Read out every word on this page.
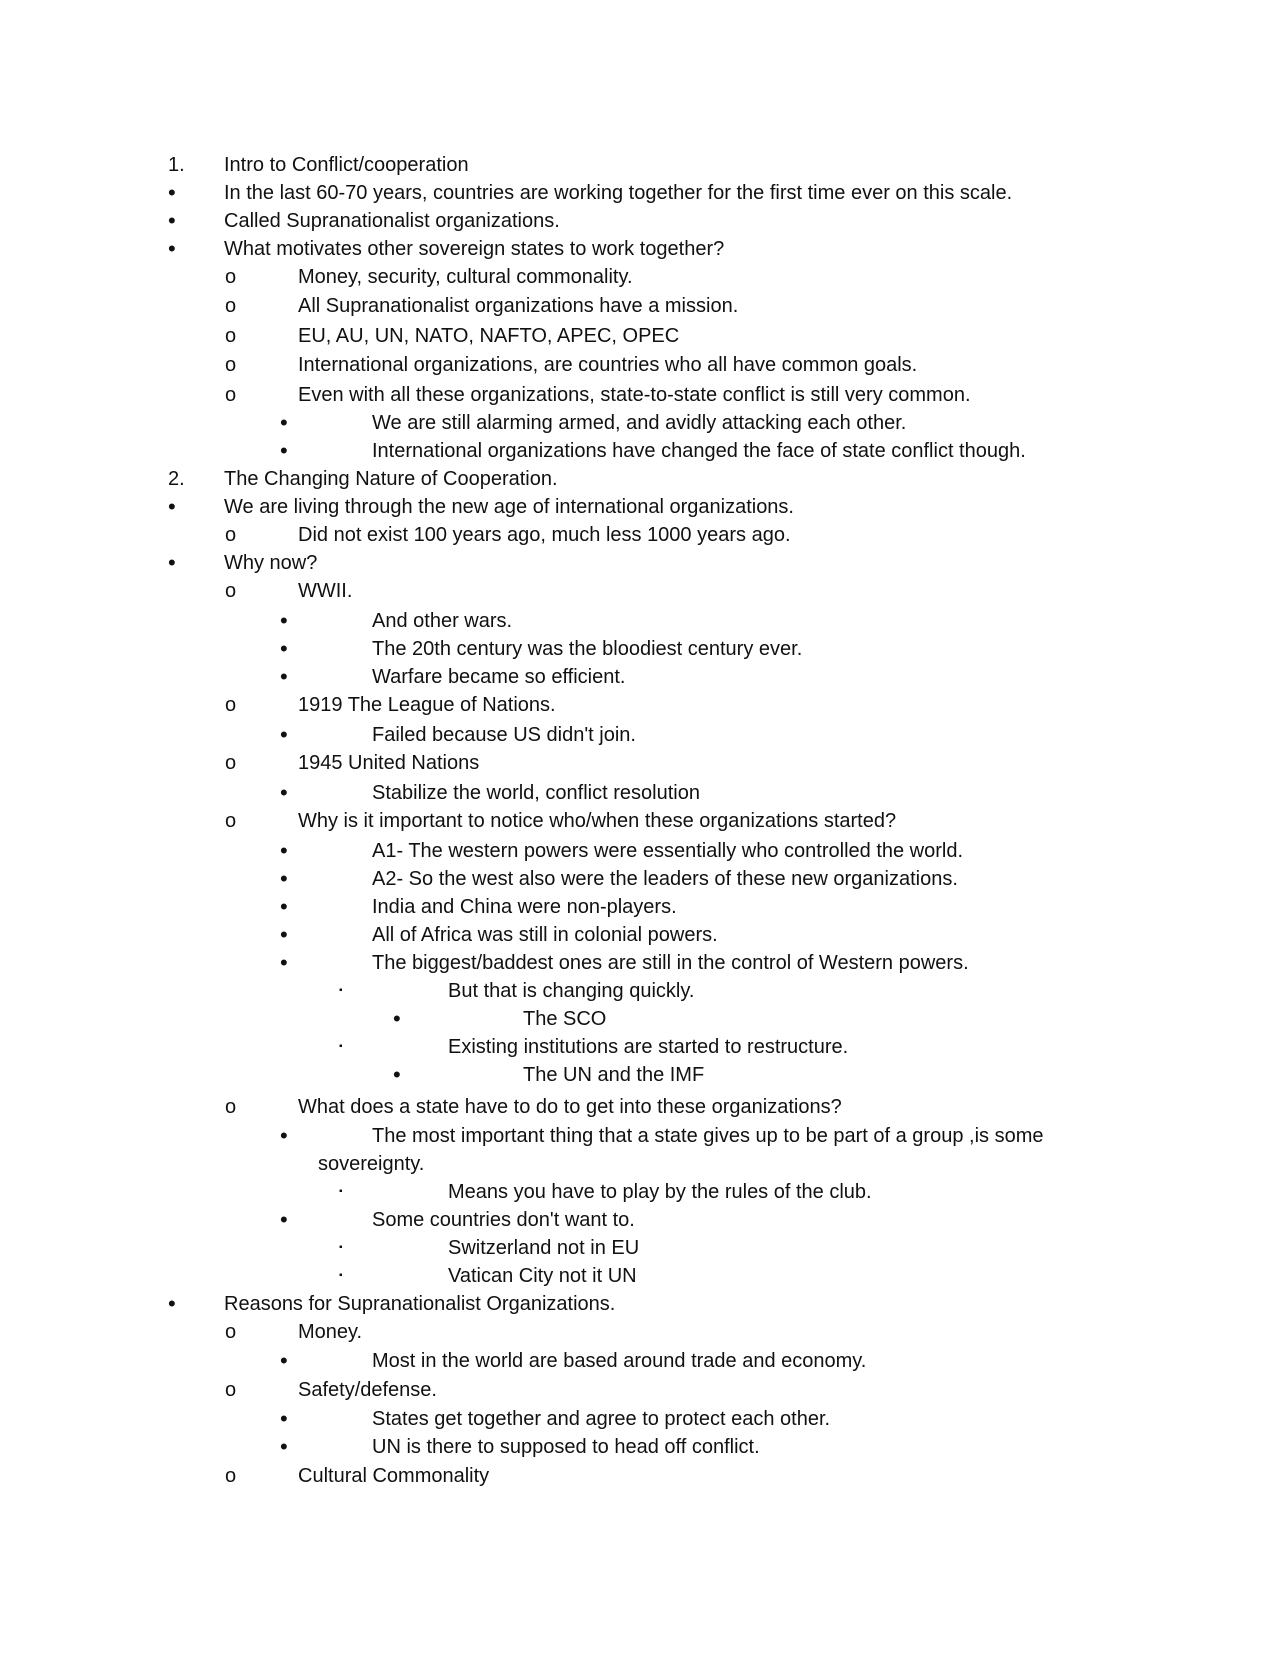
1. Intro to Conflict/cooperation
• In the last 60-70 years, countries are working together for the first time ever on this scale.
• Called Supranationalist organizations.
• What motivates other sovereign states to work together?
o	Money, security, cultural commonality.
o	All Supranationalist organizations have a mission.
o	EU, AU, UN, NATO, NAFTO, APEC, OPEC
o	International organizations, are countries who all have common goals.
o	Even with all these organizations, state-to-state conflict is still very common.
•	We are still alarming armed, and avidly attacking each other.
•	International organizations have changed the face of state conflict though.
2. The Changing Nature of Cooperation.
• We are living through the new age of international organizations.
o	Did not exist 100 years ago, much less 1000 years ago.
• Why now?
o	WWII.
•	And other wars.
•	The 20th century was the bloodiest century ever.
•	Warfare became so efficient.
o	1919 The League of Nations.
•	Failed because US didn't join.
o	1945 United Nations
•	Stabilize the world, conflict resolution
o	Why is it important to notice who/when these organizations started?
•	A1- The western powers were essentially who controlled the world.
•	A2- So the west also were the leaders of these new organizations.
•	India and China were non-players.
•	All of Africa was still in colonial powers.
•	The biggest/baddest ones are still in the control of Western powers.
▪	But that is changing quickly.
•	The SCO
▪	Existing institutions are started to restructure.
•	The UN and the IMF
o	What does a state have to do to get into these organizations?
•	The most important thing that a state gives up to be part of a group ,is some
sovereignty.
▪	Means you have to play by the rules of the club.
•	Some countries don't want to.
▪	Switzerland not in EU
▪	Vatican City not it UN
• Reasons for Supranationalist Organizations.
o	Money.
•	Most in the world are based around trade and economy.
o	Safety/defense.
•	States get together and agree to protect each other.
•	UN is there to supposed to head off conflict.
o	Cultural Commonality
